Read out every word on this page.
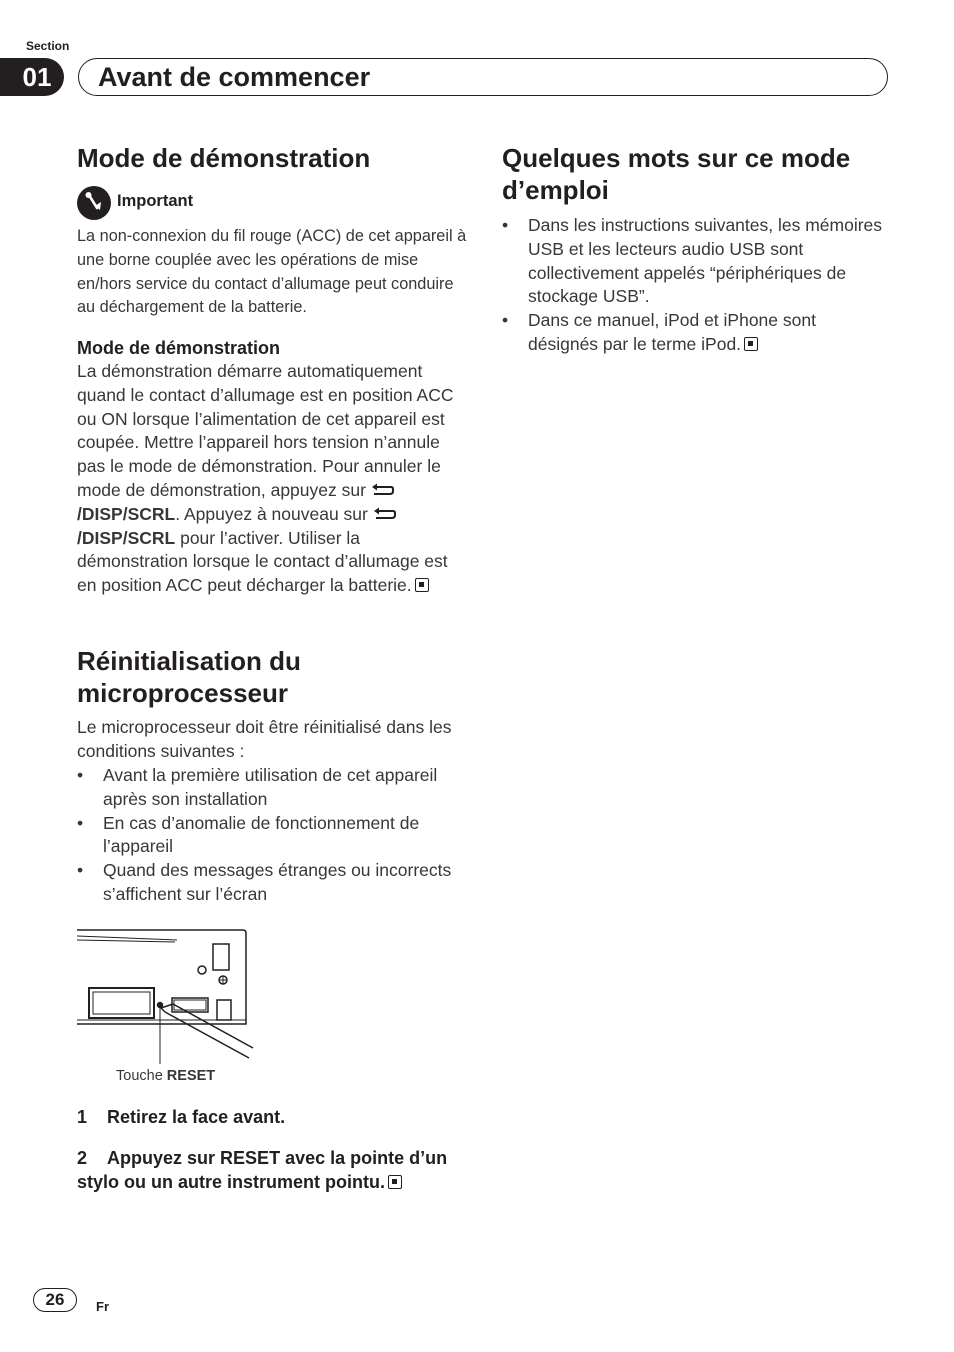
Section
01	Avant de commencer
Mode de démonstration
Important
La non-connexion du fil rouge (ACC) de cet appareil à une borne couplée avec les opérations de mise en/hors service du contact d’allumage peut conduire au déchargement de la batterie.
Mode de démonstration
La démonstration démarre automatiquement quand le contact d’allumage est en position ACC ou ON lorsque l’alimentation de cet appareil est coupée. Mettre l’appareil hors tension n’annule pas le mode de démonstration. Pour annuler le mode de démonstration, appuyez sur /DISP/SCRL. Appuyez à nouveau sur /DISP/SCRL pour l’activer. Utiliser la démonstration lorsque le contact d’allumage est en position ACC peut décharger la batterie.
Réinitialisation du microprocesseur
Le microprocesseur doit être réinitialisé dans les conditions suivantes :
• Avant la première utilisation de cet appareil après son installation
• En cas d’anomalie de fonctionnement de l’appareil
• Quand des messages étranges ou incorrects s’affichent sur l’écran
Touche RESET
1 Retirez la face avant.
2 Appuyez sur RESET avec la pointe d’un stylo ou un autre instrument pointu.
Quelques mots sur ce mode d’emploi
• Dans les instructions suivantes, les mémoires USB et les lecteurs audio USB sont collectivement appelés “périphériques de stockage USB”.
• Dans ce manuel, iPod et iPhone sont désignés par le terme iPod.
26	Fr
